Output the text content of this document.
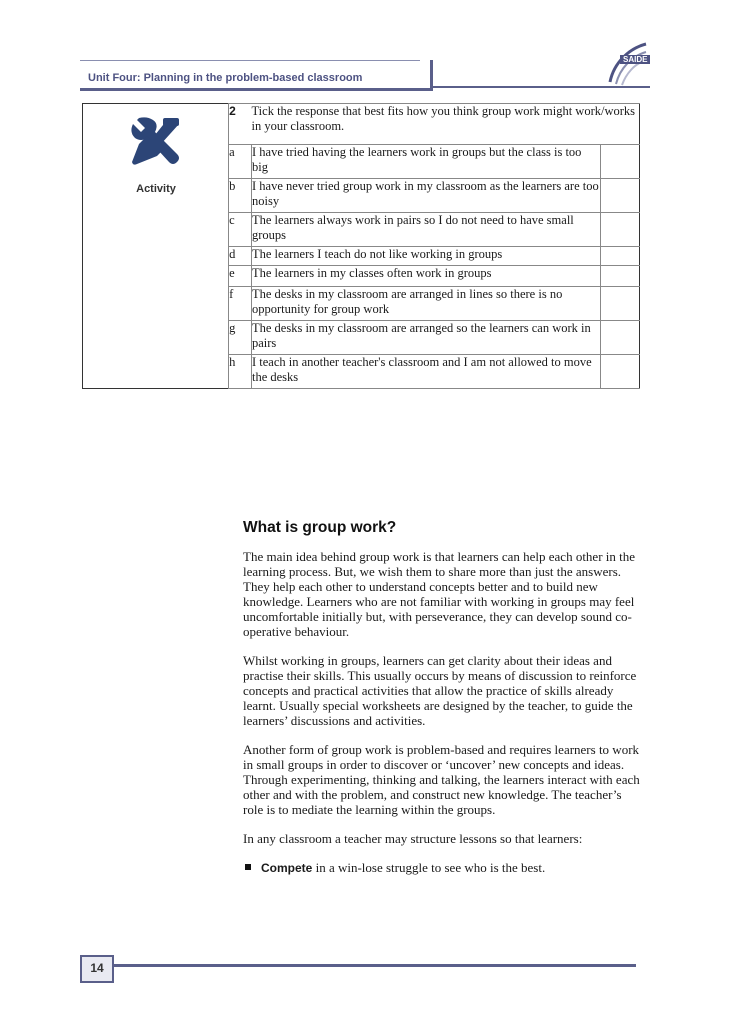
Unit Four: Planning in the problem-based classroom
SAIDE
Activity	2	Tick the response that best fits how you think group work might work/works in your classroom.	
	a	I have tried having the learners work in groups but the class is too big	
	b	I have never tried group work in my classroom as the learners are too noisy	
	c	The learners always work in pairs so I do not need to have small groups	
	d	The learners I teach do not like working in groups	
	e	The learners in my classes often work in groups	
	f	The desks in my classroom are arranged in lines so there is no opportunity for group work	
	g	The desks in my classroom are arranged so the learners can work in pairs	
	h	I teach in another teacher's classroom and I am not allowed to move the desks	
What is group work?

The main idea behind group work is that learners can help each other in the learning process. But, we wish them to share more than just the answers. They help each other to understand concepts better and to build new knowledge. Learners who are not familiar with working in groups may feel uncomfortable initially but, with perseverance, they can develop sound co-operative behaviour.

Whilst working in groups, learners can get clarity about their ideas and practise their skills. This usually occurs by means of discussion to reinforce concepts and practical activities that allow the practice of skills already learnt. Usually special worksheets are designed by the teacher, to guide the learners’ discussions and activities.

Another form of group work is problem-based and requires learners to work in small groups in order to discover or ‘uncover’ new concepts and ideas. Through experimenting, thinking and talking, the learners interact with each other and with the problem, and construct new knowledge. The teacher’s role is to mediate the learning within the groups.

In any classroom a teacher may structure lessons so that learners:

Compete in a win-lose struggle to see who is the best.
14
